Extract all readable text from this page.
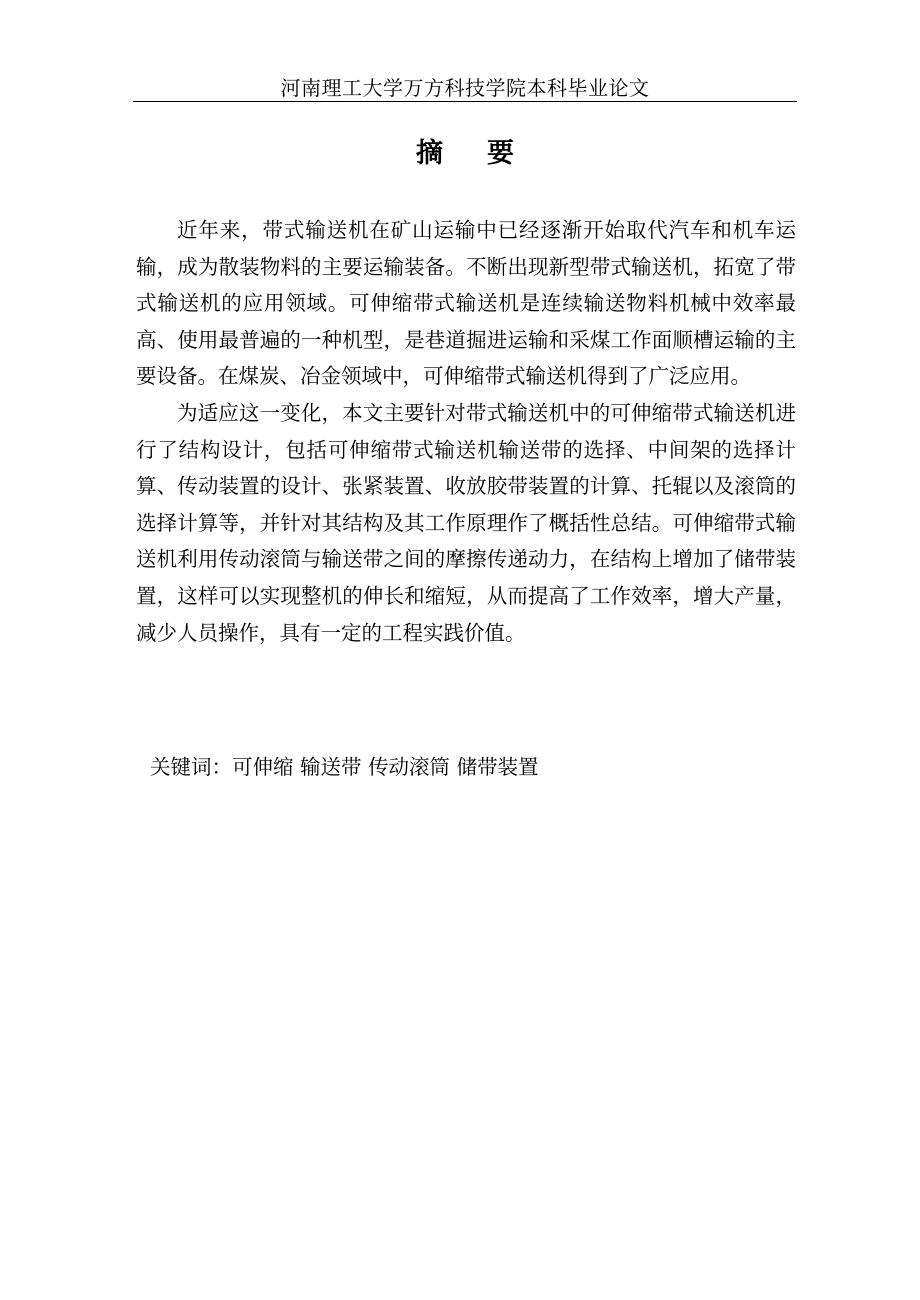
河南理工大学万方科技学院本科毕业论文
摘要

近年来，带式输送机在矿山运输中已经逐渐开始取代汽车和机车运输，成为散装物料的主要运输装备。不断出现新型带式输送机，拓宽了带式输送机的应用领域。可伸缩带式输送机是连续输送物料机械中效率最高、使用最普遍的一种机型，是巷道掘进运输和采煤工作面顺槽运输的主要设备。在煤炭、冶金领域中，可伸缩带式输送机得到了广泛应用。

为适应这一变化，本文主要针对带式输送机中的可伸缩带式输送机进行了结构设计，包括可伸缩带式输送机输送带的选择、中间架的选择计算、传动装置的设计、张紧装置、收放胶带装置的计算、托辊以及滚筒的选择计算等，并针对其结构及其工作原理作了概括性总结。可伸缩带式输送机利用传动滚筒与输送带之间的摩擦传递动力，在结构上增加了储带装置，这样可以实现整机的伸长和缩短，从而提高了工作效率，增大产量，减少人员操作，具有一定的工程实践价值。

关键词：可伸缩 输送带 传动滚筒 储带装置
